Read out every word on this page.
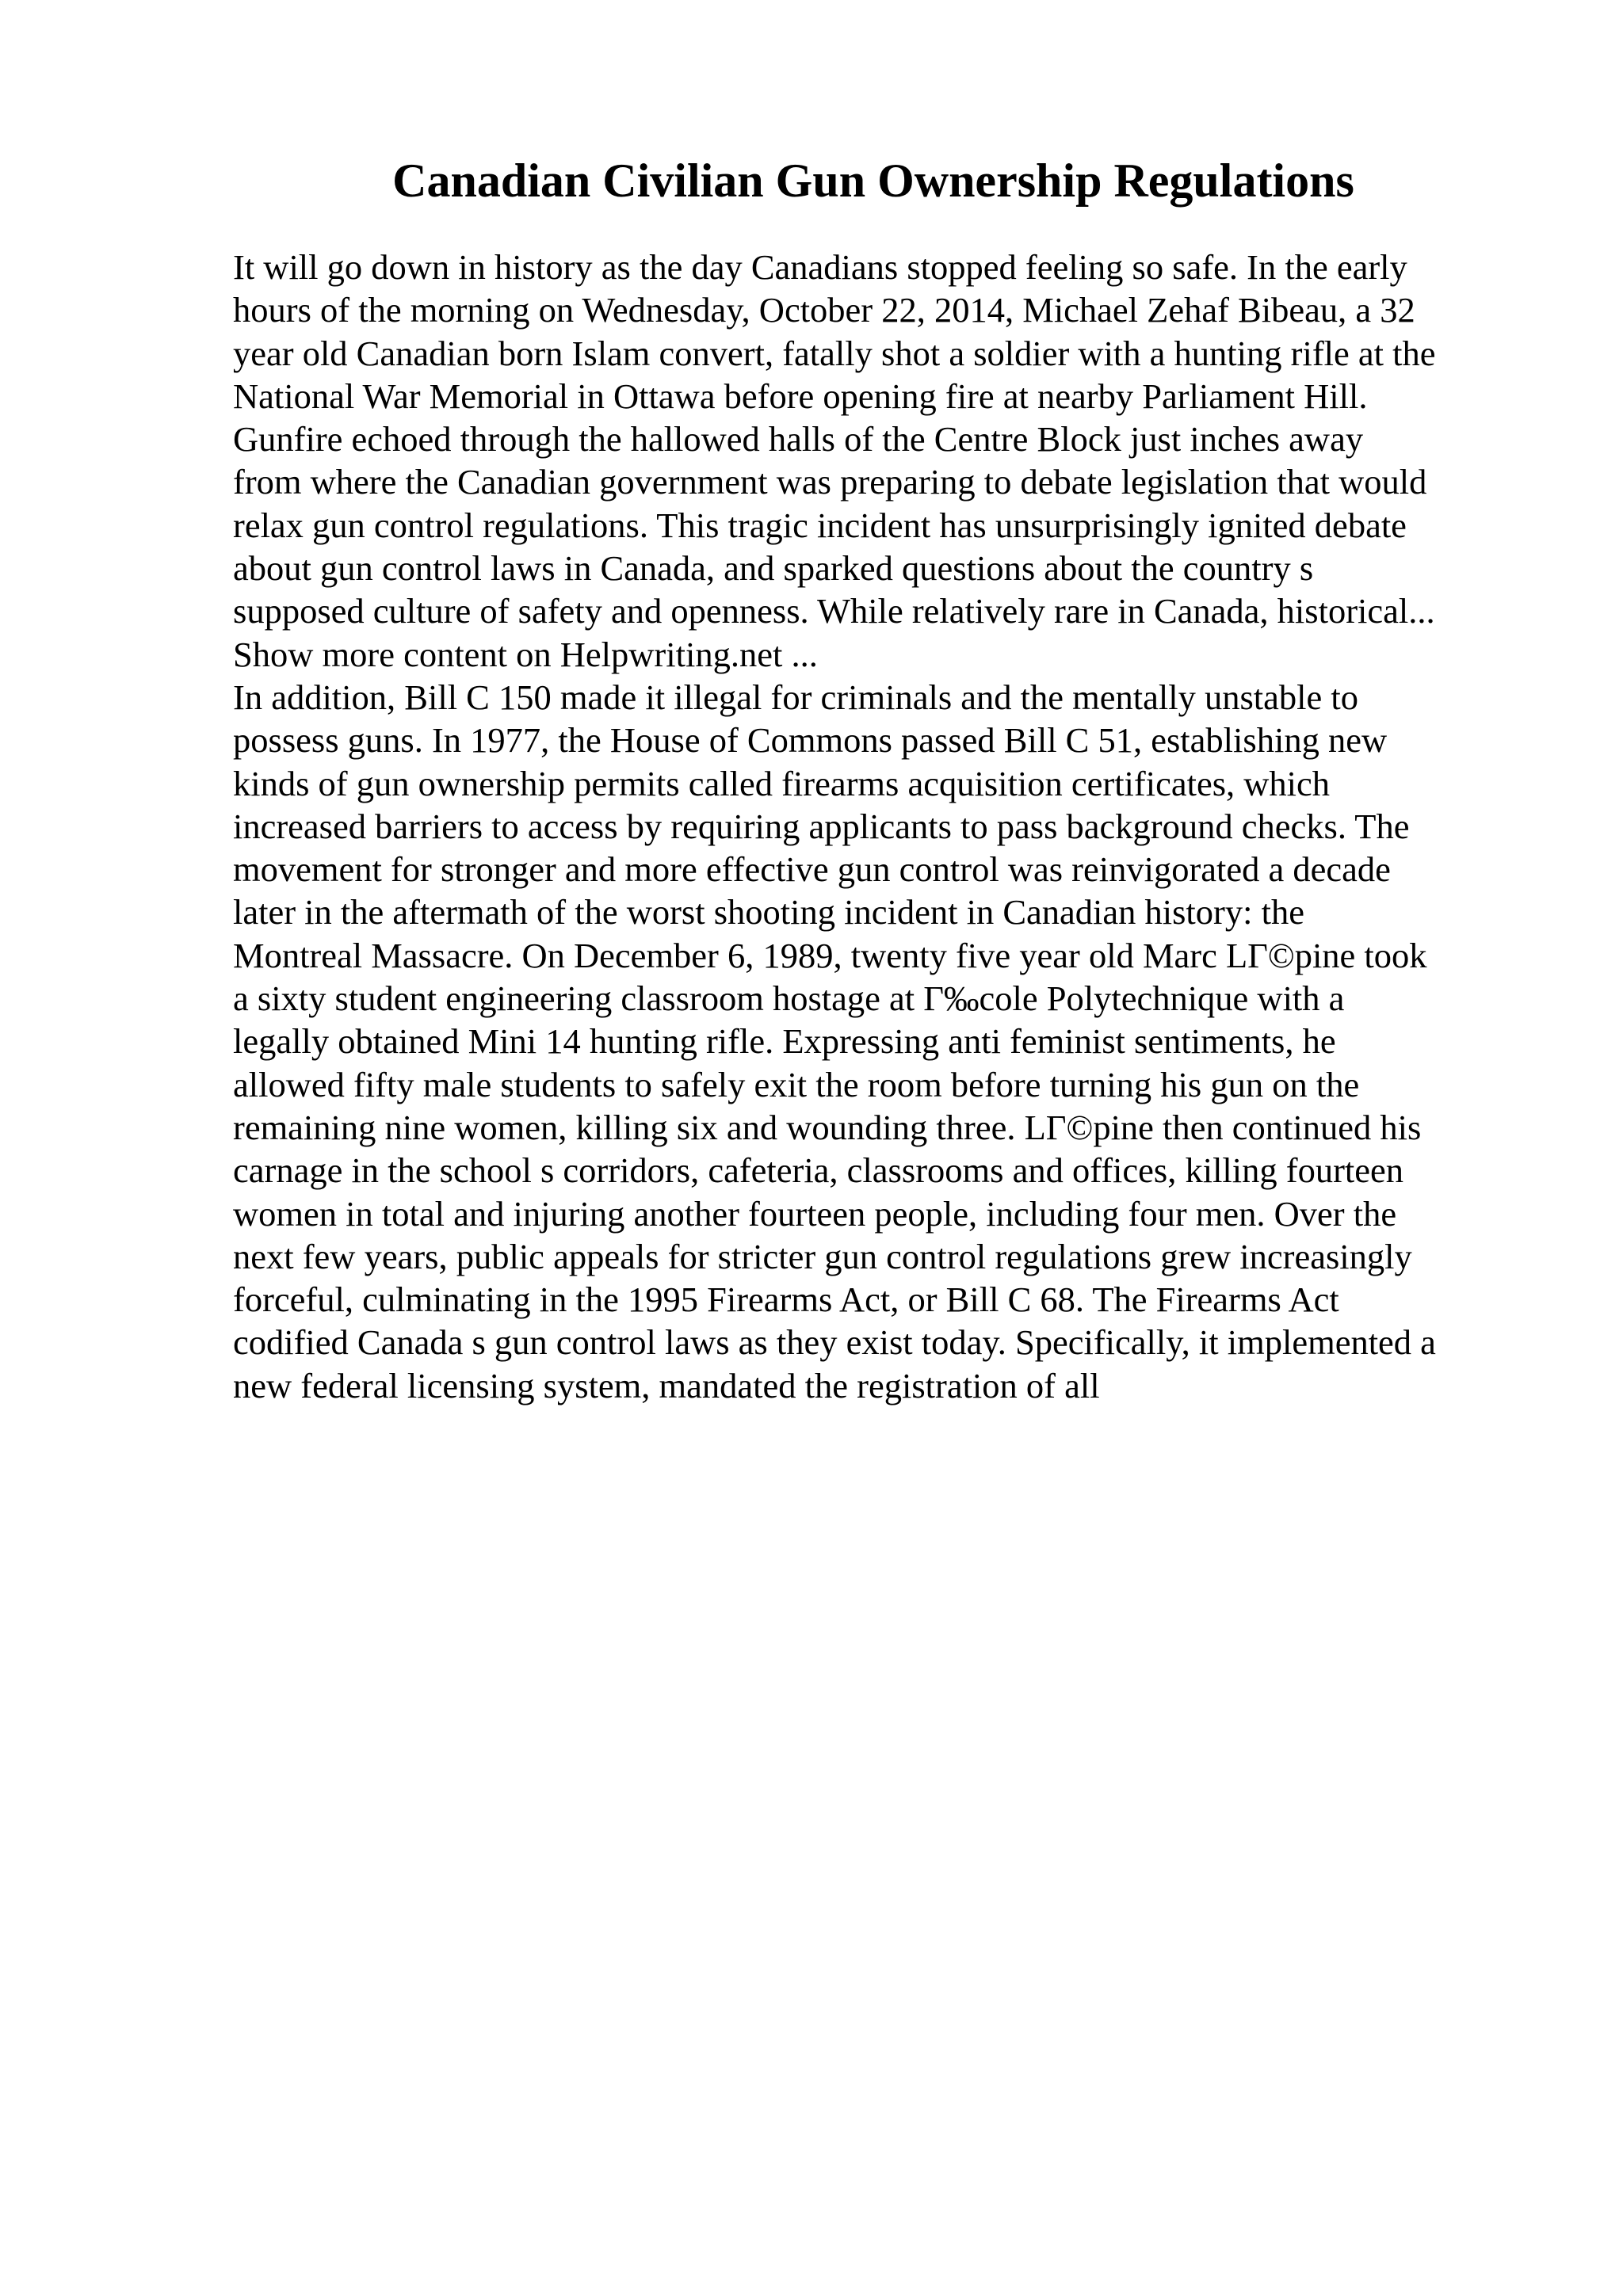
Canadian Civilian Gun Ownership Regulations
It will go down in history as the day Canadians stopped feeling so safe. In the early
hours of the morning on Wednesday, October 22, 2014, Michael Zehaf Bibeau, a 32
year old Canadian born Islam convert, fatally shot a soldier with a hunting rifle at the
National War Memorial in Ottawa before opening fire at nearby Parliament Hill.
Gunfire echoed through the hallowed halls of the Centre Block just inches away
from where the Canadian government was preparing to debate legislation that would
relax gun control regulations. This tragic incident has unsurprisingly ignited debate
about gun control laws in Canada, and sparked questions about the country s
supposed culture of safety and openness. While relatively rare in Canada, historical...
Show more content on Helpwriting.net ...
In addition, Bill C 150 made it illegal for criminals and the mentally unstable to
possess guns. In 1977, the House of Commons passed Bill C 51, establishing new
kinds of gun ownership permits called firearms acquisition certificates, which
increased barriers to access by requiring applicants to pass background checks. The
movement for stronger and more effective gun control was reinvigorated a decade
later in the aftermath of the worst shooting incident in Canadian history: the
Montreal Massacre. On December 6, 1989, twenty five year old Marc LΓ©pine took
a sixty student engineering classroom hostage at Γ‰cole Polytechnique with a
legally obtained Mini 14 hunting rifle. Expressing anti feminist sentiments, he
allowed fifty male students to safely exit the room before turning his gun on the
remaining nine women, killing six and wounding three. LΓ©pine then continued his
carnage in the school s corridors, cafeteria, classrooms and offices, killing fourteen
women in total and injuring another fourteen people, including four men. Over the
next few years, public appeals for stricter gun control regulations grew increasingly
forceful, culminating in the 1995 Firearms Act, or Bill C 68. The Firearms Act
codified Canada s gun control laws as they exist today. Specifically, it implemented a
new federal licensing system, mandated the registration of all
